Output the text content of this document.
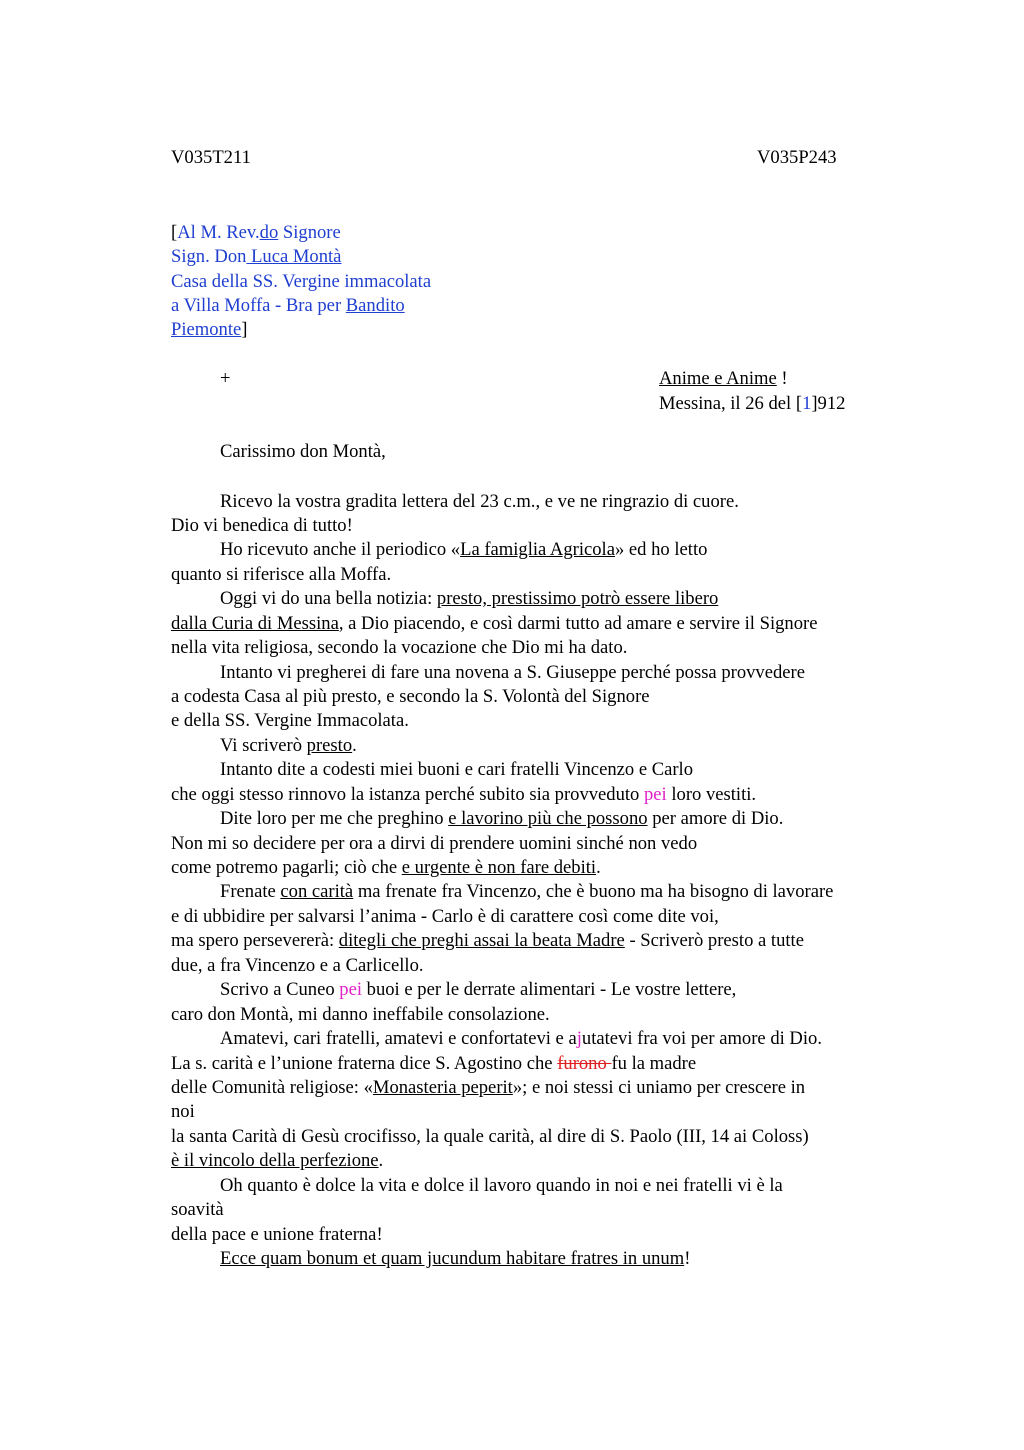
V035T211	V035P243
[Al M. Rev.do Signore
Sign. Don Luca Montà
Casa della SS. Vergine immacolata
a Villa Moffa - Bra per Bandito
Piemonte]
+	Anime e Anime !
Messina, il 26 del [1]912
Carissimo don Montà,
Ricevo la vostra gradita lettera del 23 c.m., e ve ne ringrazio di cuore.
Dio vi benedica di tutto!
Ho ricevuto anche il periodico «La famiglia Agricola» ed ho letto
quanto si riferisce alla Moffa.
Oggi vi do una bella notizia: presto, prestissimo potrò essere libero
dalla Curia di Messina, a Dio piacendo, e così darmi tutto ad amare e servire il Signore
nella vita religiosa, secondo la vocazione che Dio mi ha dato.
Intanto vi pregherei di fare una novena a S. Giuseppe perché possa provvedere
a codesta Casa al più presto, e secondo la S. Volontà del Signore
e della SS. Vergine Immacolata.
Vi scriverò presto.
Intanto dite a codesti miei buoni e cari fratelli Vincenzo e Carlo
che oggi stesso rinnovo la istanza perché subito sia provveduto pei loro vestiti.
Dite loro per me che preghino e lavorino più che possono per amore di Dio.
Non mi so decidere per ora a dirvi di prendere uomini sinché non vedo
come potremo pagarli; ciò che e urgente è non fare debiti.
Frenate con carità ma frenate fra Vincenzo, che è buono ma ha bisogno di lavorare
e di ubbidire per salvarsi l’anima - Carlo è di carattere così come dite voi,
ma spero persevererà: ditegli che preghi assai la beata Madre - Scriverò presto a tutte
due, a fra Vincenzo e a Carlicello.
Scrivo a Cuneo pei buoi e per le derrate alimentari - Le vostre lettere,
caro don Montà, mi danno ineffabile consolazione.
Amatevi, cari fratelli, amatevi e confortatevi e ajutatevi fra voi per amore di Dio.
La s. carità e l’unione fraterna dice S. Agostino che furono fu la madre
delle Comunità religiose: «Monasteria peperit»; e noi stessi ci uniamo per crescere in
noi
la santa Carità di Gesù crocifisso, la quale carità, al dire di S. Paolo (III, 14 ai Coloss)
è il vincolo della perfezione.
Oh quanto è dolce la vita e dolce il lavoro quando in noi e nei fratelli vi è la
soavità
della pace e unione fraterna!
Ecce quam bonum et quam jucundum habitare fratres in unum!
